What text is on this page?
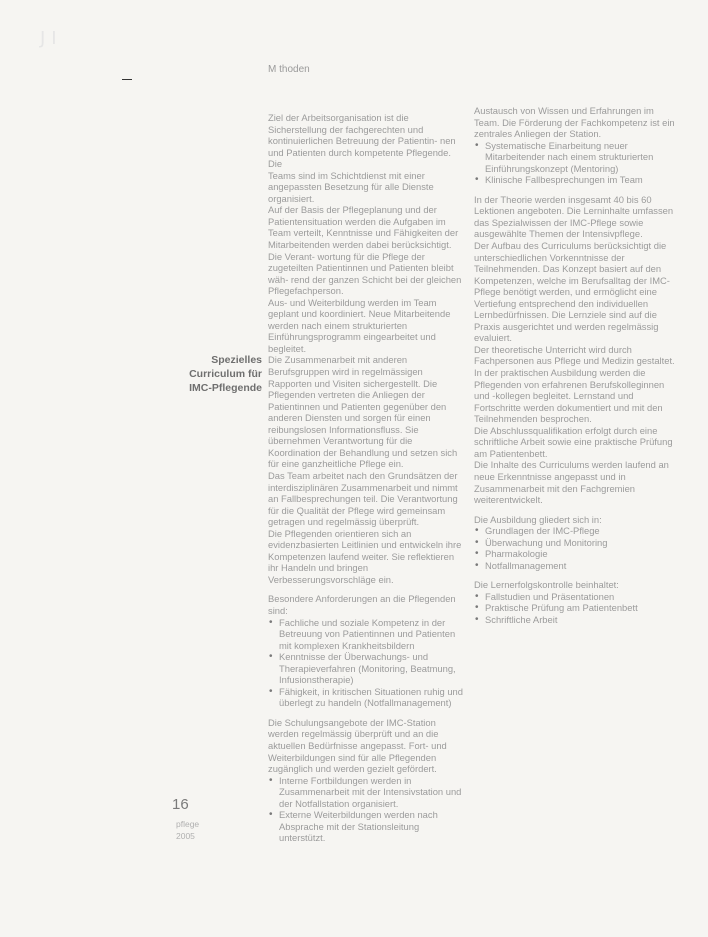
JI
M thoden
Spezielles
Curriculum für
IMC-Pflegende

Ziel der Arbeitsorganisation ist die Sicherstellung der fachgerechten und kontinuierlichen Betreuung der Patientin- nen und Patienten durch kompetente Pflegende. Die

Teams sind im Schichtdienst mit einer angepassten Besetzung für alle Dienste organisiert.

Auf der Basis der Pflegeplanung und der Patientensituation werden die Aufgaben im Team verteilt, Kenntnisse und Fähigkeiten der Mitarbeitenden werden dabei berücksichtigt. Die Verant- wortung für die Pflege der zugeteilten Patientinnen und Patienten bleibt wäh- rend der ganzen Schicht bei der gleichen Pflegefachperson.

Aus- und Weiterbildung werden im Team geplant und koordiniert. Neue Mitarbeitende werden nach einem strukturierten Einführungsprogramm eingearbeitet und begleitet.

Die Zusammenarbeit mit anderen Berufsgruppen wird in regelmässigen Rapporten und Visiten sichergestellt. Die Pflegenden vertreten die Anliegen der Patientinnen und Patienten gegenüber den anderen Diensten und sorgen für einen reibungslosen Informationsfluss. Sie übernehmen Verantwortung für die Koordination der Behandlung und setzen sich für eine ganzheitliche Pflege ein.

Das Team arbeitet nach den Grundsätzen der interdisziplinären Zusammenarbeit und nimmt an Fallbesprechungen teil. Die Verantwortung für die Qualität der Pflege wird gemeinsam getragen und regelmässig überprüft.

Die Pflegenden orientieren sich an evidenzbasierten Leitlinien und entwickeln ihre Kompetenzen laufend weiter. Sie reflektieren ihr Handeln und bringen Verbesserungsvorschläge ein.

Besondere Anforderungen an die Pflegenden sind:

• Fachliche und soziale Kompetenz in der Betreuung von Patientinnen und Patienten mit komplexen Krankheitsbildern
• Kenntnisse der Überwachungs- und Therapieverfahren (Monitoring, Beatmung, Infusionstherapie)
• Fähigkeit, in kritischen Situationen ruhig und überlegt zu handeln (Notfallmanagement)

Die Schulungsangebote der IMC-Station werden regelmässig überprüft und an die aktuellen Bedürfnisse angepasst. Fort- und Weiterbildungen sind für alle Pflegenden zugänglich und werden gezielt gefördert.

• Interne Fortbildungen werden in Zusammenarbeit mit der Intensivstation und der Notfallstation organisiert.
• Externe Weiterbildungen werden nach Absprache mit der Stationsleitung unterstützt.

Austausch von Wissen und Erfahrungen im Team. Die Förderung der Fachkompetenz ist ein zentrales Anliegen der Station.

• Systematische Einarbeitung neuer Mitarbeitender nach einem strukturierten Einführungskonzept (Mentoring)
• Klinische Fallbesprechungen im Team

In der Theorie werden insgesamt 40 bis 60 Lektionen angeboten. Die Lerninhalte umfassen das Spezialwissen der IMC-Pflege sowie ausgewählte Themen der Intensivpflege.

Der Aufbau des Curriculums berücksichtigt die unterschiedlichen Vorkenntnisse der Teilnehmenden. Das Konzept basiert auf den Kompetenzen, welche im Berufsalltag der IMC-Pflege benötigt werden, und ermöglicht eine Vertiefung entsprechend den individuellen Lernbedürfnissen. Die Lernziele sind auf die Praxis ausgerichtet und werden regelmässig evaluiert.

Der theoretische Unterricht wird durch Fachpersonen aus Pflege und Medizin gestaltet. In der praktischen Ausbildung werden die Pflegenden von erfahrenen Berufskolleginnen und -kollegen begleitet. Lernstand und Fortschritte werden dokumentiert und mit den Teilnehmenden besprochen.

Die Abschlussqualifikation erfolgt durch eine schriftliche Arbeit sowie eine praktische Prüfung am Patientenbett.

Die Inhalte des Curriculums werden laufend an neue Erkenntnisse angepasst und in Zusammenarbeit mit den Fachgremien weiterentwickelt.

Die Ausbildung gliedert sich in:

• Grundlagen der IMC-Pflege
• Überwachung und Monitoring
• Pharmakologie
• Notfallmanagement

Die Lernerfolgskontrolle beinhaltet:

• Fallstudien und Präsentationen
• Praktische Prüfung am Patientenbett
• Schriftliche Arbeit
16
pflege
2005
